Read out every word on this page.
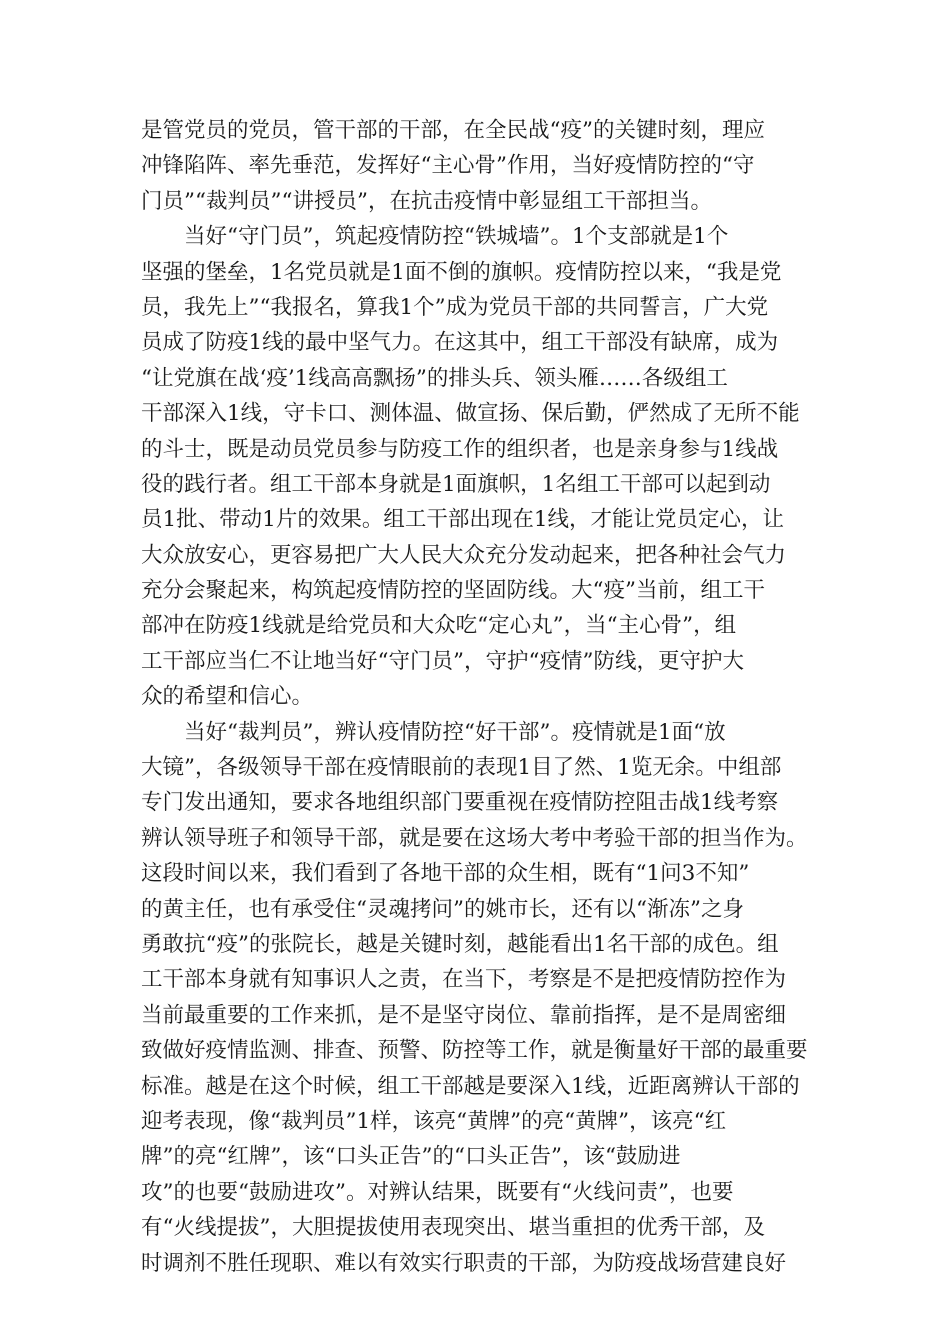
是管党员的党员，管干部的干部，在全民战“疫”的关键时刻，理应
冲锋陷阵、率先垂范，发挥好“主心骨”作用，当好疫情防控的“守
门员”“裁判员”“讲授员”，在抗击疫情中彰显组工干部担当。
　　当好“守门员”，筑起疫情防控“铁城墙”。1个支部就是1个
坚强的堡垒，1名党员就是1面不倒的旗帜。疫情防控以来，“我是党
员，我先上”“我报名，算我1个”成为党员干部的共同誓言，广大党
员成了防疫1线的最中坚气力。在这其中，组工干部没有缺席，成为
“让党旗在战‘疫’1线高高飘扬”的排头兵、领头雁……各级组工
干部深入1线，守卡口、测体温、做宣扬、保后勤，俨然成了无所不能
的斗士，既是动员党员参与防疫工作的组织者，也是亲身参与1线战
役的践行者。组工干部本身就是1面旗帜，1名组工干部可以起到动
员1批、带动1片的效果。组工干部出现在1线，才能让党员定心，让
大众放安心，更容易把广大人民大众充分发动起来，把各种社会气力
充分会聚起来，构筑起疫情防控的坚固防线。大“疫”当前，组工干
部冲在防疫1线就是给党员和大众吃“定心丸”，当“主心骨”，组
工干部应当仁不让地当好“守门员”，守护“疫情”防线，更守护大
众的希望和信心。
　　当好“裁判员”，辨认疫情防控“好干部”。疫情就是1面“放
大镜”，各级领导干部在疫情眼前的表现1目了然、1览无余。中组部
专门发出通知，要求各地组织部门要重视在疫情防控阻击战1线考察
辨认领导班子和领导干部，就是要在这场大考中考验干部的担当作为。
这段时间以来，我们看到了各地干部的众生相，既有“1问3不知”
的黄主任，也有承受住“灵魂拷问”的姚市长，还有以“渐冻”之身
勇敢抗“疫”的张院长，越是关键时刻，越能看出1名干部的成色。组
工干部本身就有知事识人之责，在当下，考察是不是把疫情防控作为
当前最重要的工作来抓，是不是坚守岗位、靠前指挥，是不是周密细
致做好疫情监测、排查、预警、防控等工作，就是衡量好干部的最重要
标准。越是在这个时候，组工干部越是要深入1线，近距离辨认干部的
迎考表现，像“裁判员”1样，该亮“黄牌”的亮“黄牌”，该亮“红
牌”的亮“红牌”，该“口头正告”的“口头正告”，该“鼓励进
攻”的也要“鼓励进攻”。对辨认结果，既要有“火线问责”，也要
有“火线提拔”，大胆提拔使用表现突出、堪当重担的优秀干部，及
时调剂不胜任现职、难以有效实行职责的干部，为防疫战场营建良好
